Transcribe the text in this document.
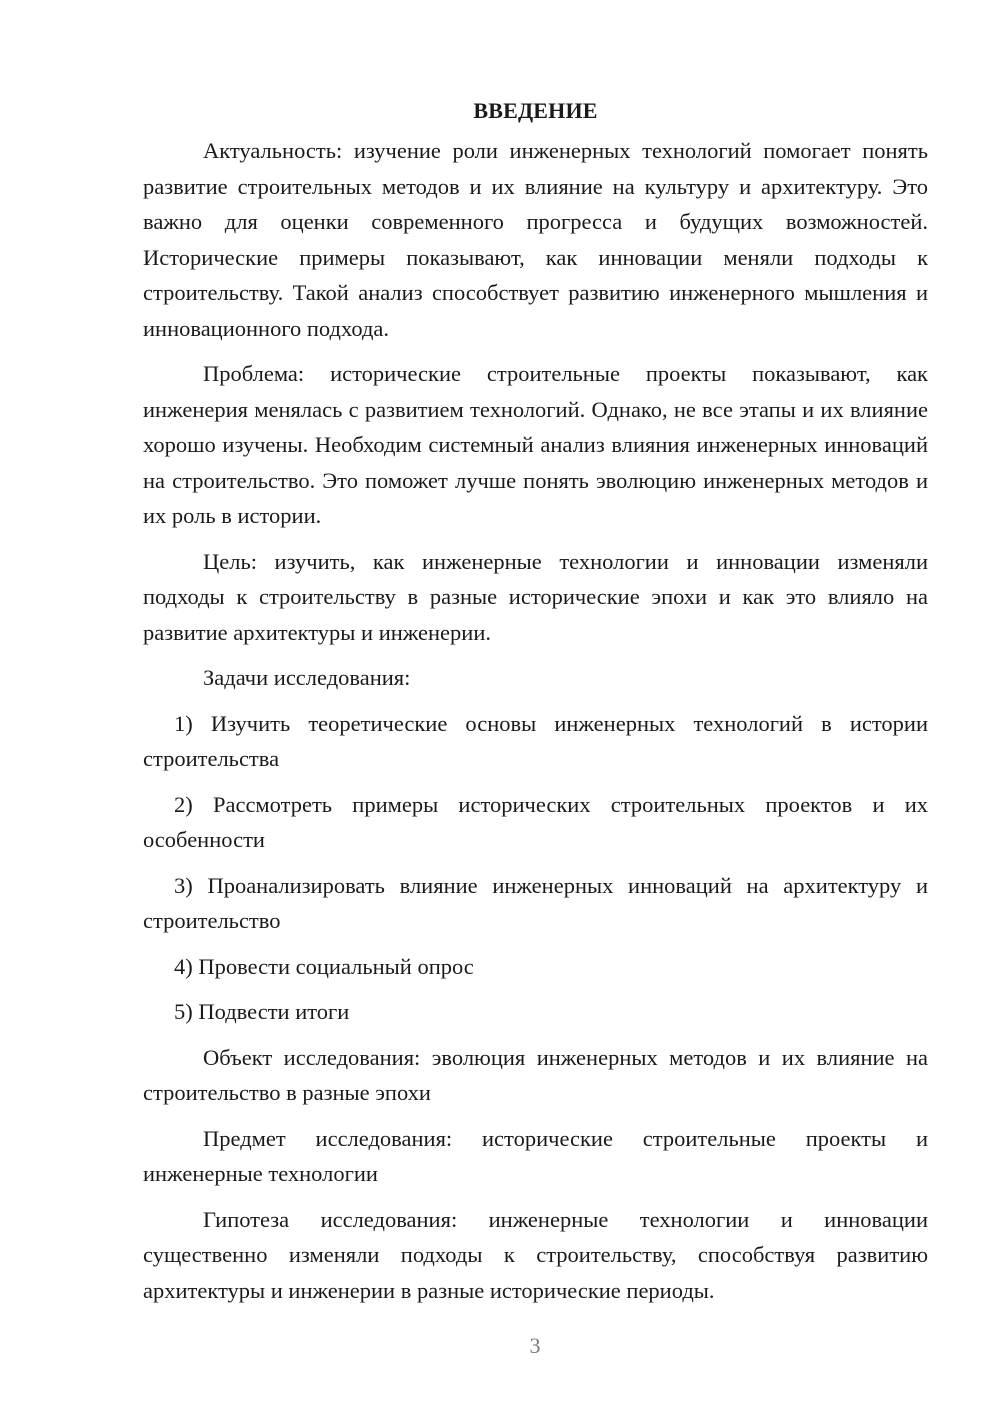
ВВЕДЕНИЕ

Актуальность: изучение роли инженерных технологий помогает понять развитие строительных методов и их влияние на культуру и архитектуру. Это важно для оценки современного прогресса и будущих возможностей. Исторические примеры показывают, как инновации меняли подходы к строительству. Такой анализ способствует развитию инженерного мышления и инновационного подхода.

Проблема: исторические строительные проекты показывают, как инженерия менялась с развитием технологий. Однако, не все этапы и их влияние хорошо изучены. Необходим системный анализ влияния инженерных инноваций на строительство. Это поможет лучше понять эволюцию инженерных методов и их роль в истории.

Цель: изучить, как инженерные технологии и инновации изменяли подходы к строительству в разные исторические эпохи и как это влияло на развитие архитектуры и инженерии.

Задачи исследования:

1) Изучить теоретические основы инженерных технологий в истории строительства

2) Рассмотреть примеры исторических строительных проектов и их особенности

3) Проанализировать влияние инженерных инноваций на архитектуру и строительство

4) Провести социальный опрос

5) Подвести итоги

Объект исследования: эволюция инженерных методов и их влияние на строительство в разные эпохи

Предмет исследования: исторические строительные проекты и инженерные технологии

Гипотеза исследования: инженерные технологии и инновации существенно изменяли подходы к строительству, способствуя развитию архитектуры и инженерии в разные исторические периоды.

3
